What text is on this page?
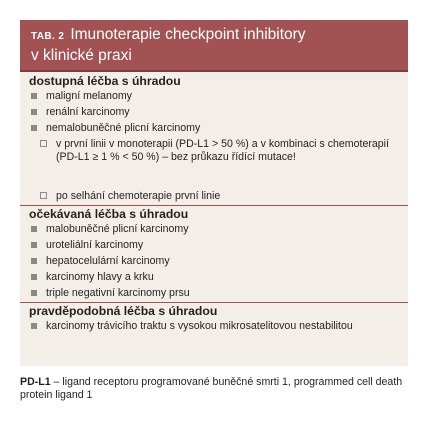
TAB. 2 Imunoterapie checkpoint inhibitory
v klinické praxi
dostupná léčba s úhradou
maligní melanomy
renální karcinomy
nemalobuněčné plicní karcinomy
v první linii v monoterapii (PD-L1 > 50 %) a v kombinaci s chemoterapií (PD-L1 ≥ 1 % < 50 %) – bez průkazu řídící mutace!
po selhání chemoterapie první linie
očekávaná léčba s úhradou
malobuněčné plicní karcinomy
uroteliální karcinomy
hepatocelulární karcinomy
karcinomy hlavy a krku
triple negativní karcinomy prsu
pravděpodobná léčba s úhradou
karcinomy trávicího traktu s vysokou mikrosatelitovou nestabilitou
PD-L1 – ligand receptoru programované buněčné smrti 1, programmed cell death protein ligand 1
